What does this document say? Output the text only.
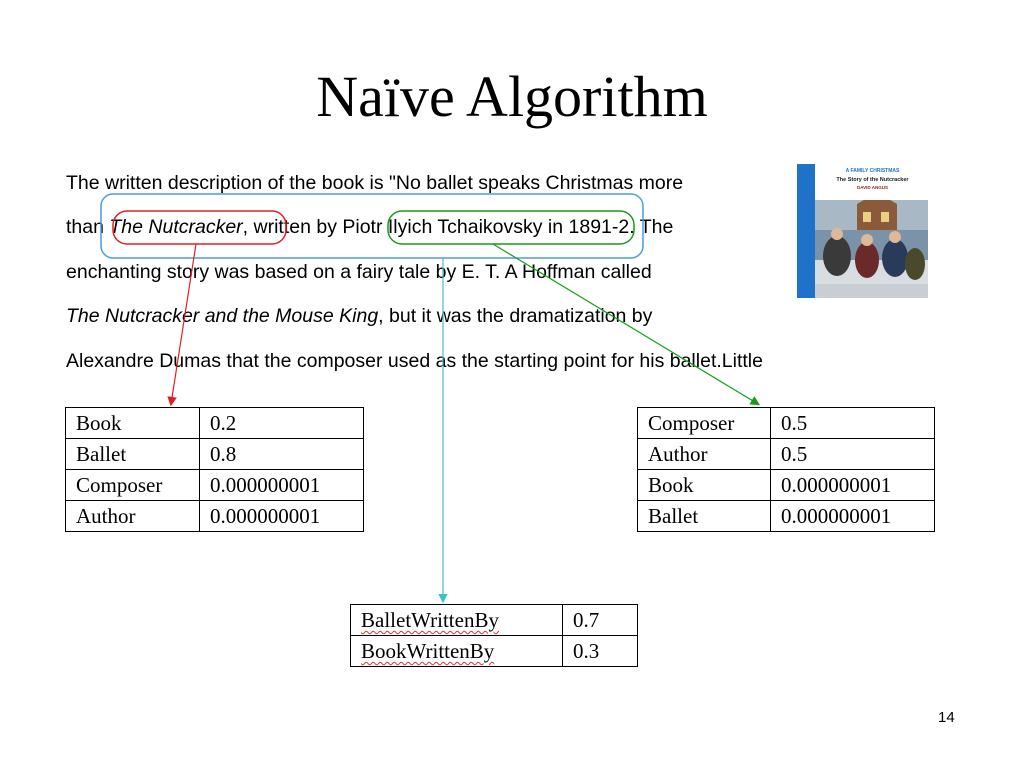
Naïve Algorithm
The written description of the book is "No ballet speaks Christmas more
than The Nutcracker, written by Piotr Ilyich Tchaikovsky in 1891-2. The
enchanting story was based on a fairy tale by E. T. A Hoffman called
The Nutcracker and the Mouse King, but it was the dramatization by
Alexandre Dumas that the composer used as the starting point for his ballet.Little
A FAMILY CHRISTMAS
The Story of the Nutcracker
DAVID ANGUS
Book	0.2
Ballet	0.8
Composer	0.000000001
Author	0.000000001
Composer	0.5
Author	0.5
Book	0.000000001
Ballet	0.000000001
BalletWrittenBy	0.7
BookWrittenBy	0.3
14
